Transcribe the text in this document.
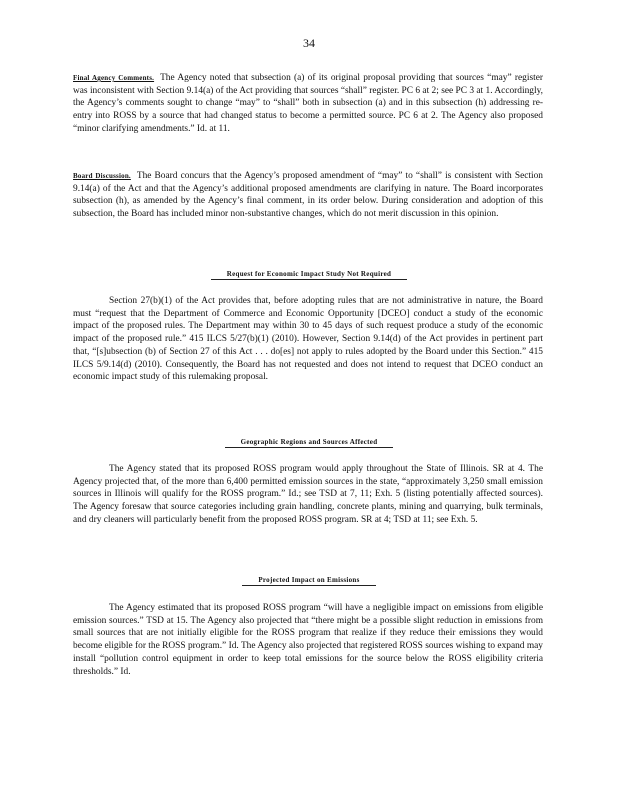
34
Final Agency Comments. The Agency noted that subsection (a) of its original proposal providing that sources “may” register was inconsistent with Section 9.14(a) of the Act providing that sources “shall” register. PC 6 at 2; see PC 3 at 1. Accordingly, the Agency’s comments sought to change “may” to “shall” both in subsection (a) and in this subsection (h) addressing re-entry into ROSS by a source that had changed status to become a permitted source. PC 6 at 2. The Agency also proposed “minor clarifying amendments.” Id. at 11.
Board Discussion. The Board concurs that the Agency’s proposed amendment of “may” to “shall” is consistent with Section 9.14(a) of the Act and that the Agency’s additional proposed amendments are clarifying in nature. The Board incorporates subsection (h), as amended by the Agency’s final comment, in its order below. During consideration and adoption of this subsection, the Board has included minor non-substantive changes, which do not merit discussion in this opinion.
Request for Economic Impact Study Not Required
Section 27(b)(1) of the Act provides that, before adopting rules that are not administrative in nature, the Board must “request that the Department of Commerce and Economic Opportunity [DCEO] conduct a study of the economic impact of the proposed rules. The Department may within 30 to 45 days of such request produce a study of the economic impact of the proposed rule.” 415 ILCS 5/27(b)(1) (2010). However, Section 9.14(d) of the Act provides in pertinent part that, “[s]ubsection (b) of Section 27 of this Act . . . do[es] not apply to rules adopted by the Board under this Section.” 415 ILCS 5/9.14(d) (2010). Consequently, the Board has not requested and does not intend to request that DCEO conduct an economic impact study of this rulemaking proposal.
Geographic Regions and Sources Affected
The Agency stated that its proposed ROSS program would apply throughout the State of Illinois. SR at 4. The Agency projected that, of the more than 6,400 permitted emission sources in the state, “approximately 3,250 small emission sources in Illinois will qualify for the ROSS program.” Id.; see TSD at 7, 11; Exh. 5 (listing potentially affected sources). The Agency foresaw that source categories including grain handling, concrete plants, mining and quarrying, bulk terminals, and dry cleaners will particularly benefit from the proposed ROSS program. SR at 4; TSD at 11; see Exh. 5.
Projected Impact on Emissions
The Agency estimated that its proposed ROSS program “will have a negligible impact on emissions from eligible emission sources.” TSD at 15. The Agency also projected that “there might be a possible slight reduction in emissions from small sources that are not initially eligible for the ROSS program that realize if they reduce their emissions they would become eligible for the ROSS program.” Id. The Agency also projected that registered ROSS sources wishing to expand may install “pollution control equipment in order to keep total emissions for the source below the ROSS eligibility criteria thresholds.” Id.
